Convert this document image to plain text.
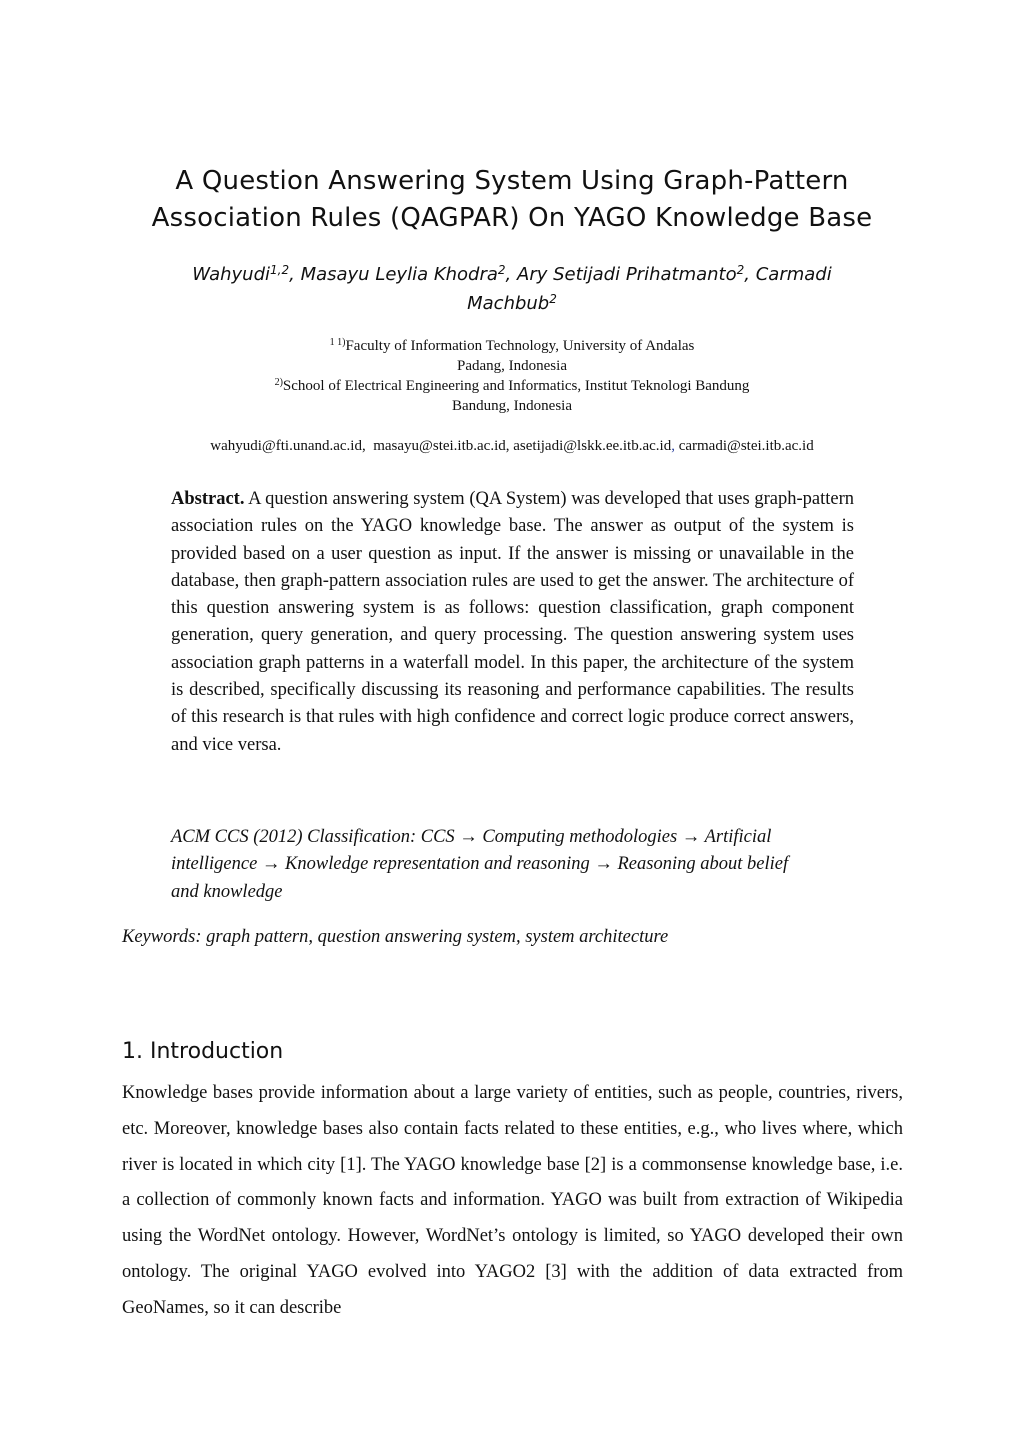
A Question Answering System Using Graph-Pattern
Association Rules (QAGPAR) On YAGO Knowledge Base
Wahyudi$^{1,2}$, Masayu Leylia Khodra$^2$, Ary Setijadi Prihatmanto$^2$, Carmadi
Machbub$^2$
$^{1 1)}$Faculty of Information Technology, University of Andalas
Padang, Indonesia
$^{2)}$School of Electrical Engineering and Informatics, Institut Teknologi Bandung
Bandung, Indonesia
wahyudi@fti.unand.ac.id, masayu@stei.itb.ac.id, asetijadi@lskk.ee.itb.ac.id, carmadi@stei.itb.ac.id

Abstract. A question answering system (QA System) was developed that uses graph-pattern association rules on the YAGO knowledge base. The answer as output of the system is provided based on a user question as input. If the answer is missing or unavailable in the database, then graph-pattern association rules are used to get the answer. The architecture of this question answering system is as follows: question classification, graph component generation, query generation, and query processing. The question answering system uses association graph patterns in a waterfall model. In this paper, the architecture of the system is described, specifically discussing its reasoning and performance capabilities. The results of this research is that rules with high confidence and correct logic produce correct answers, and vice versa.

ACM CCS (2012) Classification: CCS → Computing methodologies → Artificial
intelligence → Knowledge representation and reasoning → Reasoning about belief
and knowledge

Keywords: graph pattern, question answering system, system architecture

1. Introduction

Knowledge bases provide information about a large variety of entities, such as people, countries, rivers, etc. Moreover, knowledge bases also contain facts related to these entities, e.g., who lives where, which river is located in which city [1]. The YAGO knowledge base [2] is a commonsense knowledge base, i.e. a collection of commonly known facts and information. YAGO was built from extraction of Wikipedia using the WordNet ontology. However, WordNet’s ontology is limited, so YAGO developed their own ontology. The original YAGO evolved into YAGO2 [3] with the addition of data extracted from GeoNames, so it can describe
